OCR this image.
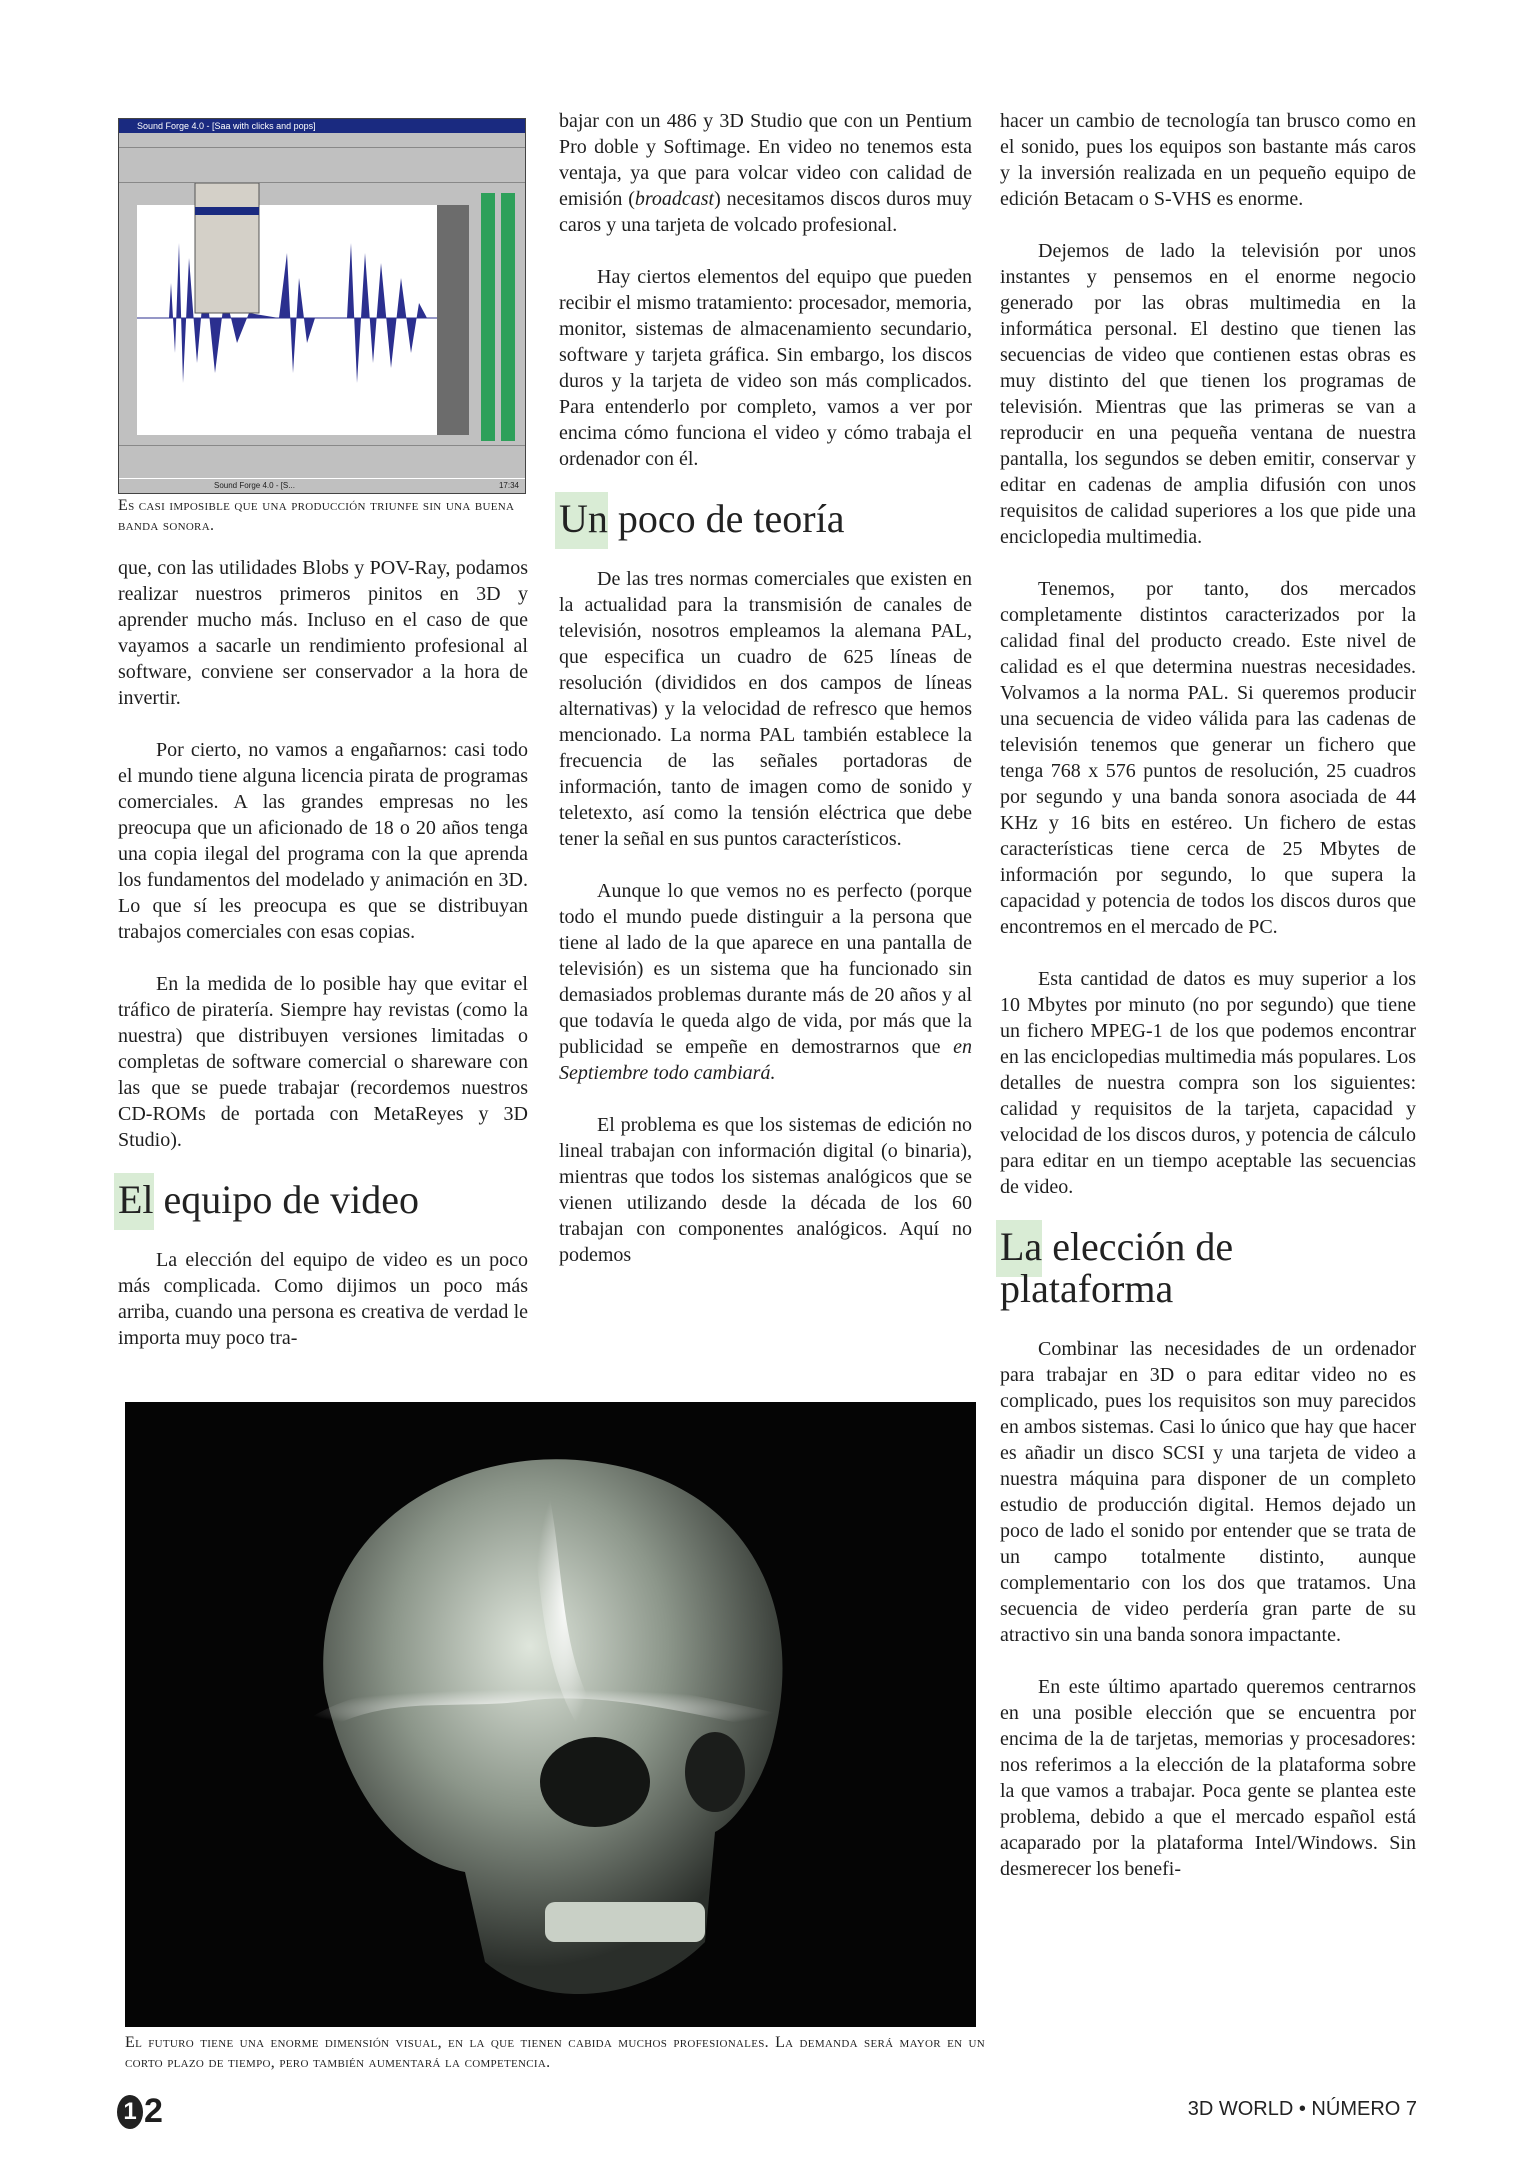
Sound Forge 4.0 - [Saa with clicks and pops]
Sound Forge 4.0 - [S...	17:34
Es casi imposible que una producción triunfe sin una buena banda sonora.

que, con las utilidades Blobs y POV-Ray, podamos realizar nuestros primeros pinitos en 3D y aprender mucho más. Incluso en el caso de que vayamos a sacarle un rendimiento profesional al software, conviene ser conservador a la hora de invertir.

Por cierto, no vamos a engañarnos: casi todo el mundo tiene alguna licencia pirata de programas comerciales. A las grandes empresas no les preocupa que un aficionado de 18 o 20 años tenga una copia ilegal del programa con la que aprenda los fundamentos del modelado y animación en 3D. Lo que sí les preocupa es que se distribuyan trabajos comerciales con esas copias.

En la medida de lo posible hay que evitar el tráfico de piratería. Siempre hay revistas (como la nuestra) que distribuyen versiones limitadas o completas de software comercial o shareware con las que se puede trabajar (recordemos nuestros CD-ROMs de portada con MetaReyes y 3D Studio).

El equipo de video

La elección del equipo de video es un poco más complicada. Como dijimos un poco más arriba, cuando una persona es creativa de verdad le importa muy poco tra-

bajar con un 486 y 3D Studio que con un Pentium Pro doble y Softimage. En video no tenemos esta ventaja, ya que para volcar video con calidad de emisión (broadcast) necesitamos discos duros muy caros y una tarjeta de volcado profesional.

Hay ciertos elementos del equipo que pueden recibir el mismo tratamiento: procesador, memoria, monitor, sistemas de almacenamiento secundario, software y tarjeta gráfica. Sin embargo, los discos duros y la tarjeta de video son más complicados. Para entenderlo por completo, vamos a ver por encima cómo funciona el video y cómo trabaja el ordenador con él.

Un poco de teoría

De las tres normas comerciales que existen en la actualidad para la transmisión de canales de televisión, nosotros empleamos la alemana PAL, que especifica un cuadro de 625 líneas de resolución (divididos en dos campos de líneas alternativas) y la velocidad de refresco que hemos mencionado. La norma PAL también establece la frecuencia de las señales portadoras de información, tanto de imagen como de sonido y teletexto, así como la tensión eléctrica que debe tener la señal en sus puntos característicos.

Aunque lo que vemos no es perfecto (porque todo el mundo puede distinguir a la persona que tiene al lado de la que aparece en una pantalla de televisión) es un sistema que ha funcionado sin demasiados problemas durante más de 20 años y al que todavía le queda algo de vida, por más que la publicidad se empeñe en demostrarnos que en Septiembre todo cambiará.

El problema es que los sistemas de edición no lineal trabajan con información digital (o binaria), mientras que todos los sistemas analógicos que se vienen utilizando desde la década de los 60 trabajan con componentes analógicos. Aquí no podemos

hacer un cambio de tecnología tan brusco como en el sonido, pues los equipos son bastante más caros y la inversión realizada en un pequeño equipo de edición Betacam o S-VHS es enorme.

Dejemos de lado la televisión por unos instantes y pensemos en el enorme negocio generado por las obras multimedia en la informática personal. El destino que tienen las secuencias de video que contienen estas obras es muy distinto del que tienen los programas de televisión. Mientras que las primeras se van a reproducir en una pequeña ventana de nuestra pantalla, los segundos se deben emitir, conservar y editar en cadenas de amplia difusión con unos requisitos de calidad superiores a los que pide una enciclopedia multimedia.

Tenemos, por tanto, dos mercados completamente distintos caracterizados por la calidad final del producto creado. Este nivel de calidad es el que determina nuestras necesidades. Volvamos a la norma PAL. Si queremos producir una secuencia de video válida para las cadenas de televisión tenemos que generar un fichero que tenga 768 x 576 puntos de resolución, 25 cuadros por segundo y una banda sonora asociada de 44 KHz y 16 bits en estéreo. Un fichero de estas características tiene cerca de 25 Mbytes de información por segundo, lo que supera la capacidad y potencia de todos los discos duros que encontremos en el mercado de PC.

Esta cantidad de datos es muy superior a los 10 Mbytes por minuto (no por segundo) que tiene un fichero MPEG-1 de los que podemos encontrar en las enciclopedias multimedia más populares. Los detalles de nuestra compra son los siguientes: calidad y requisitos de la tarjeta, capacidad y velocidad de los discos duros, y potencia de cálculo para editar en un tiempo aceptable las secuencias de video.

La elección de plataforma

Combinar las necesidades de un ordenador para trabajar en 3D o para editar video no es complicado, pues los requisitos son muy parecidos en ambos sistemas. Casi lo único que hay que hacer es añadir un disco SCSI y una tarjeta de video a nuestra máquina para disponer de un completo estudio de producción digital. Hemos dejado un poco de lado el sonido por entender que se trata de un campo totalmente distinto, aunque complementario con los dos que tratamos. Una secuencia de video perdería gran parte de su atractivo sin una banda sonora impactante.

En este último apartado queremos centrarnos en una posible elección que se encuentra por encima de la de tarjetas, memorias y procesadores: nos referimos a la elección de la plataforma sobre la que vamos a trabajar. Poca gente se plantea este problema, debido a que el mercado español está acaparado por la plataforma Intel/Windows. Sin desmerecer los benefi-

El futuro tiene una enorme dimensión visual, en la que tienen cabida muchos profesionales. La demanda será mayor en un corto plazo de tiempo, pero también aumentará la competencia.
1 2	3D WORLD • NÚMERO 7
